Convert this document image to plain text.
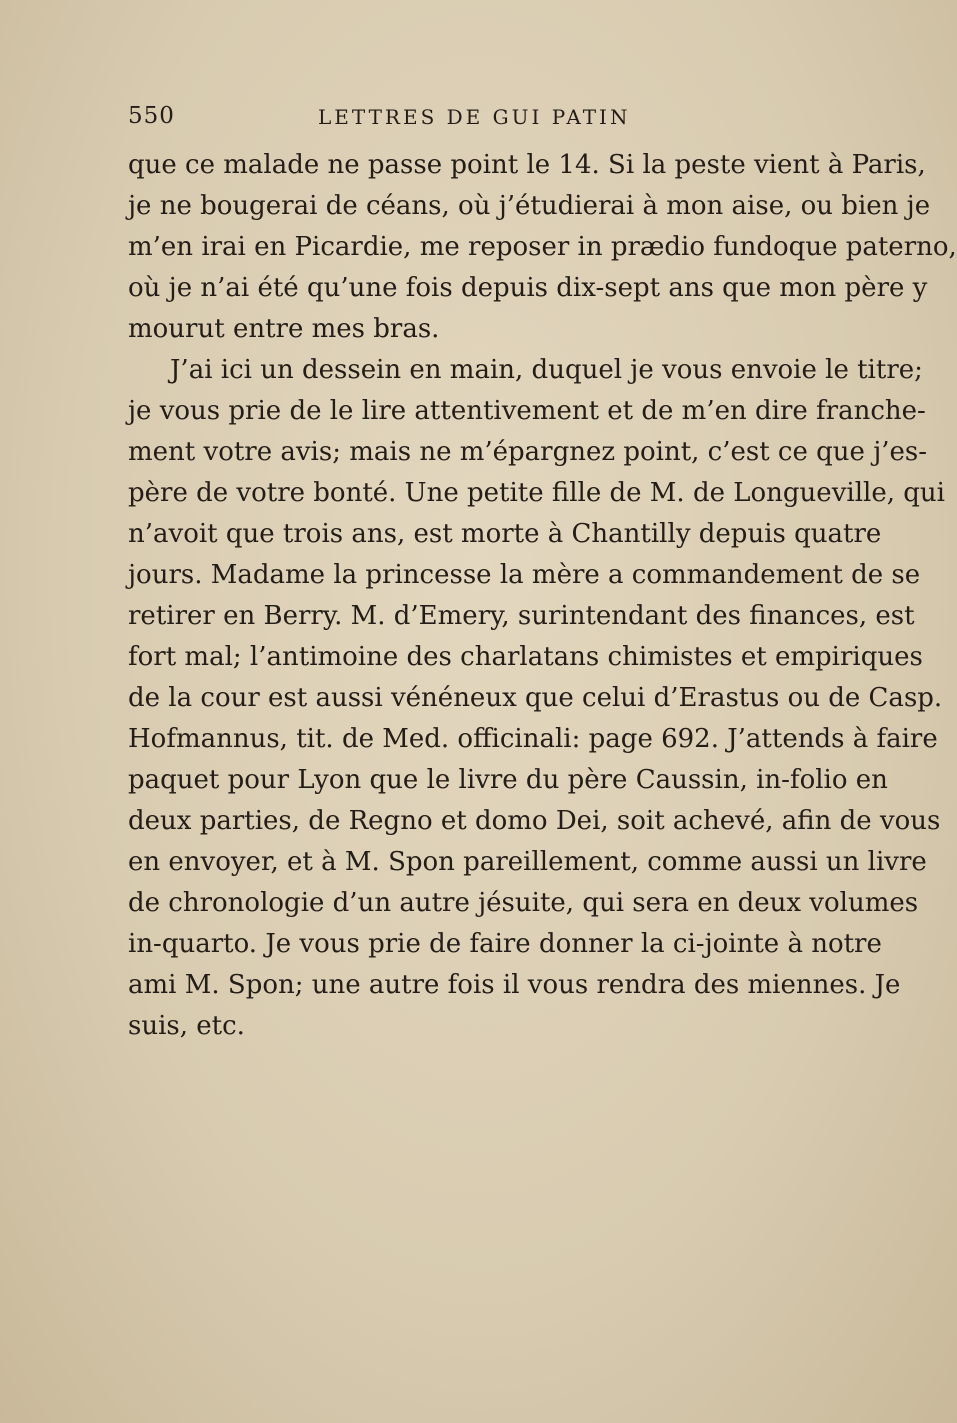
550	LETTRES DE GUI PATIN
que ce malade ne passe point le 14. Si la peste vient à Paris,
je ne bougerai de céans, où j’étudierai à mon aise, ou bien je
m’en irai en Picardie, me reposer in prædio fundoque paterno,
où je n’ai été qu’une fois depuis dix-sept ans que mon père y
mourut entre mes bras.
J’ai ici un dessein en main, duquel je vous envoie le titre;
je vous prie de le lire attentivement et de m’en dire franche-
ment votre avis; mais ne m’épargnez point, c’est ce que j’es-
père de votre bonté. Une petite fille de M. de Longueville, qui
n’avoit que trois ans, est morte à Chantilly depuis quatre
jours. Madame la princesse la mère a commandement de se
retirer en Berry. M. d’Emery, surintendant des finances, est
fort mal; l’antimoine des charlatans chimistes et empiriques
de la cour est aussi vénéneux que celui d’Erastus ou de Casp.
Hofmannus, tit. de Med. officinali: page 692. J’attends à faire
paquet pour Lyon que le livre du père Caussin, in-folio en
deux parties, de Regno et domo Dei, soit achevé, afin de vous
en envoyer, et à M. Spon pareillement, comme aussi un livre
de chronologie d’un autre jésuite, qui sera en deux volumes
in-quarto. Je vous prie de faire donner la ci-jointe à notre
ami M. Spon; une autre fois il vous rendra des miennes. Je
suis, etc.
